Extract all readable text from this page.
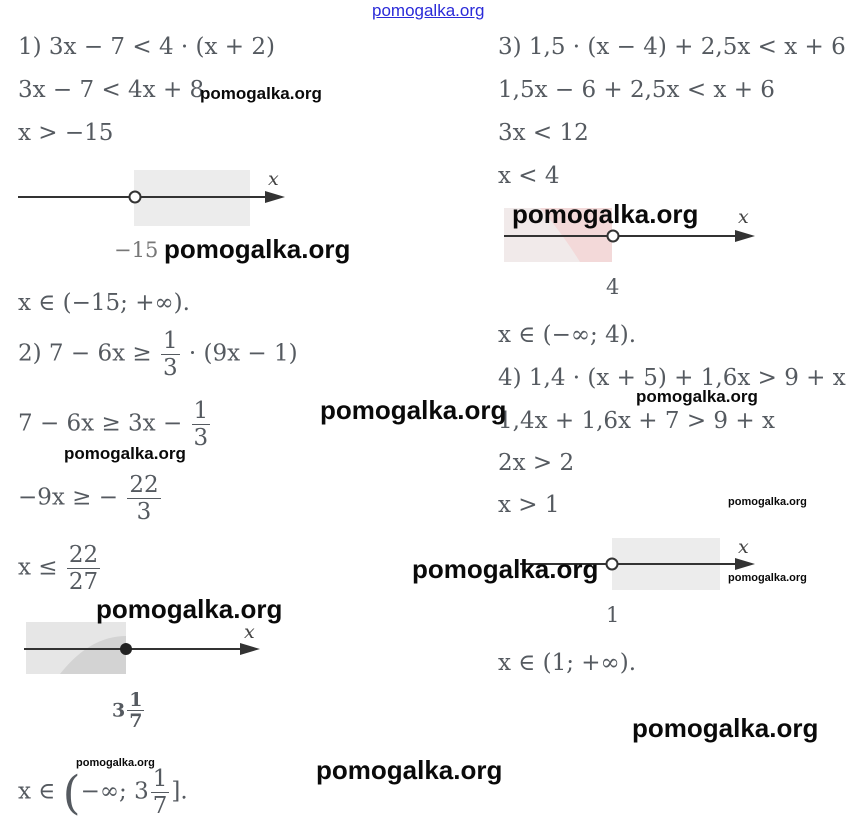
pomogalka.org
1) 3x − 7 < 4 · (x + 2)
3x − 7 < 4x + 8
x > −15
x
−15
x ∈ (−15; +∞).
2) $7 - 6x \ge \frac{1}{3} \cdot (9x - 1)$
$7 - 6x \ge 3x - \frac{1}{3}$
−9x ≥ − $\frac{22}{3}$
$x \le \frac{22}{27}$
x
$3 \frac{1}{7}$
x ∈ (−∞; $3 \frac{1}{7}$ ].
3) 1,5 · (x − 4) + 2,5x < x + 6
1,5x − 6 + 2,5x < x + 6
3x < 12
x < 4
x
4
x ∈ (−∞; 4).
4) 1,4 · (x + 5) + 1,6x > 9 + x
1,4x + 1,6x + 7 > 9 + x
2x > 2
x > 1
x
1
x ∈ (1; +∞).
pomogalka.org
pomogalka.org
pomogalka.org
pomogalka.org	pomogalka.org
pomogalka.org
pomogalka.org
pomogalka.org	pomogalka.org
pomogalka.org
pomogalka.org
pomogalka.org	pomogalka.org
